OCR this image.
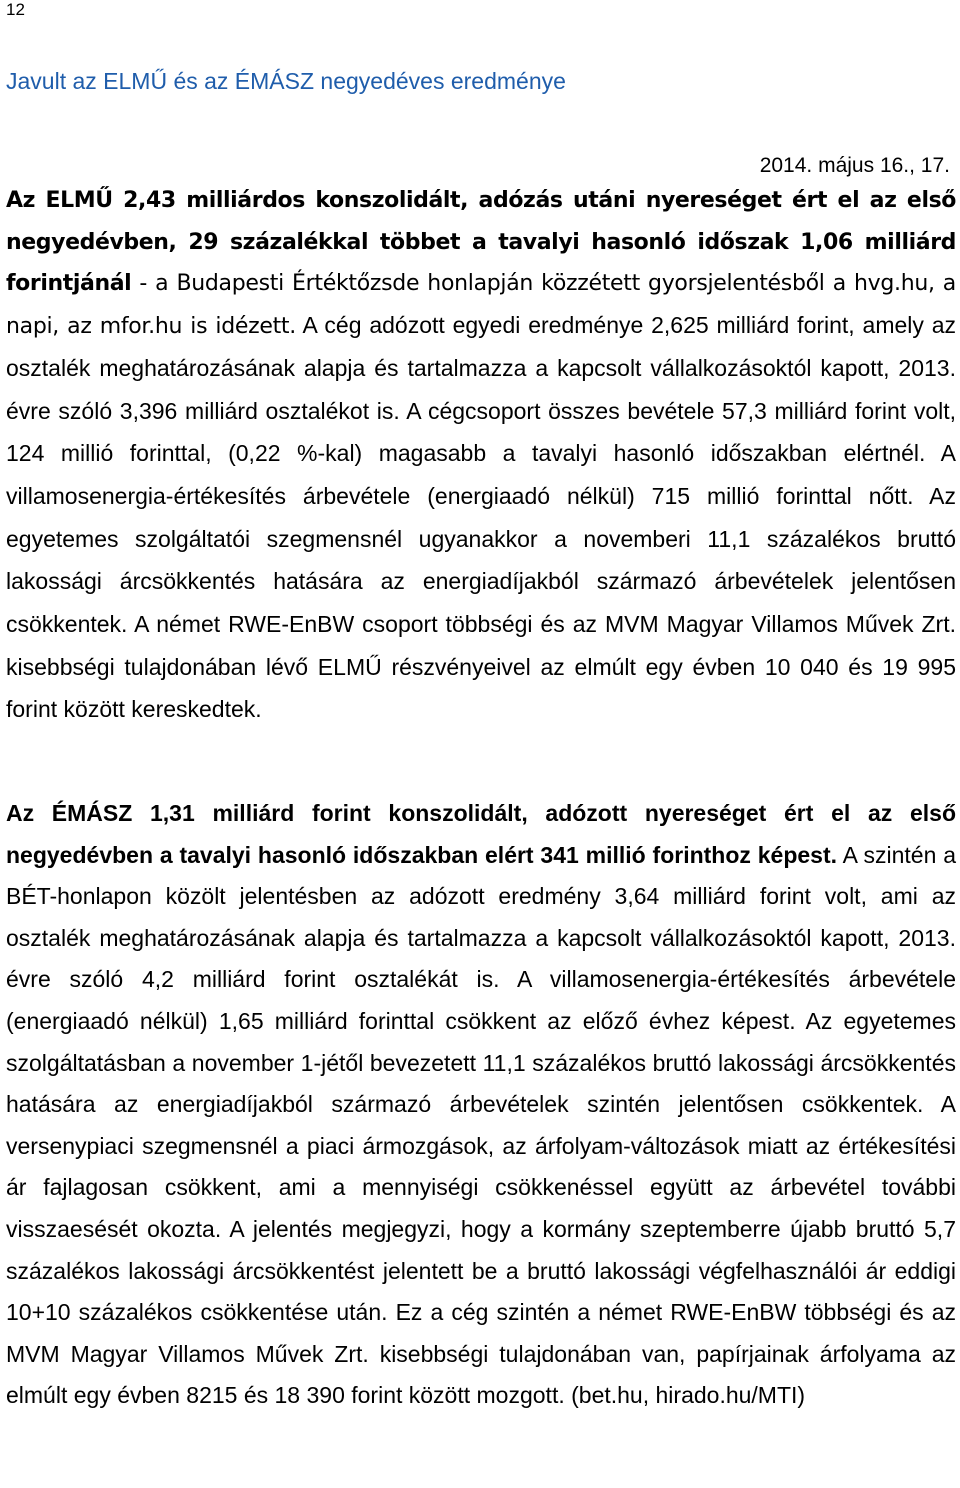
12
Javult az ELMŰ és az ÉMÁSZ negyedéves eredménye
2014. május 16., 17.

Az ELMŰ 2,43 milliárdos konszolidált, adózás utáni nyereséget ért el az első negyedévben, 29 százalékkal többet a tavalyi hasonló időszak 1,06 milliárd forintjánál - a Budapesti Értéktőzsde honlapján közzétett gyorsjelentésből a hvg.hu, a napi, az mfor.hu is idézett. A cég adózott egyedi eredménye 2,625 milliárd forint, amely az osztalék meghatározásának alapja és tartalmazza a kapcsolt vállalkozásoktól kapott, 2013. évre szóló 3,396 milliárd osztalékot is. A cégcsoport összes bevétele 57,3 milliárd forint volt, 124 millió forinttal, (0,22 %-kal) magasabb a tavalyi hasonló időszakban elértnél. A villamosenergia-értékesítés árbevétele (energiaadó nélkül) 715 millió forinttal nőtt. Az egyetemes szolgáltatói szegmensnél ugyanakkor a novemberi 11,1 százalékos bruttó lakossági árcsökkentés hatására az energiadíjakból származó árbevételek jelentősen csökkentek. A német RWE-EnBW csoport többségi és az MVM Magyar Villamos Művek Zrt. kisebbségi tulajdonában lévő ELMŰ részvényeivel az elmúlt egy évben 10 040 és 19 995 forint között kereskedtek.

Az ÉMÁSZ 1,31 milliárd forint konszolidált, adózott nyereséget ért el az első negyedévben a tavalyi hasonló időszakban elért 341 millió forinthoz képest. A szintén a BÉT-honlapon közölt jelentésben az adózott eredmény 3,64 milliárd forint volt, ami az osztalék meghatározásának alapja és tartalmazza a kapcsolt vállalkozásoktól kapott, 2013. évre szóló 4,2 milliárd forint osztalékát is. A villamosenergia-értékesítés árbevétele (energiaadó nélkül) 1,65 milliárd forinttal csökkent az előző évhez képest. Az egyetemes szolgáltatásban a november 1-jétől bevezetett 11,1 százalékos bruttó lakossági árcsökkentés hatására az energiadíjakból származó árbevételek szintén jelentősen csökkentek. A versenypiaci szegmensnél a piaci ármozgások, az árfolyam-változások miatt az értékesítési ár fajlagosan csökkent, ami a mennyiségi csökkenéssel együtt az árbevétel további visszaesését okozta. A jelentés megjegyzi, hogy a kormány szeptemberre újabb bruttó 5,7 százalékos lakossági árcsökkentést jelentett be a bruttó lakossági végfelhasználói ár eddigi 10+10 százalékos csökkentése után. Ez a cég szintén a német RWE-EnBW többségi és az MVM Magyar Villamos Művek Zrt. kisebbségi tulajdonában van, papírjainak árfolyama az elmúlt egy évben 8215 és 18 390 forint között mozgott. (bet.hu, hirado.hu/MTI)
